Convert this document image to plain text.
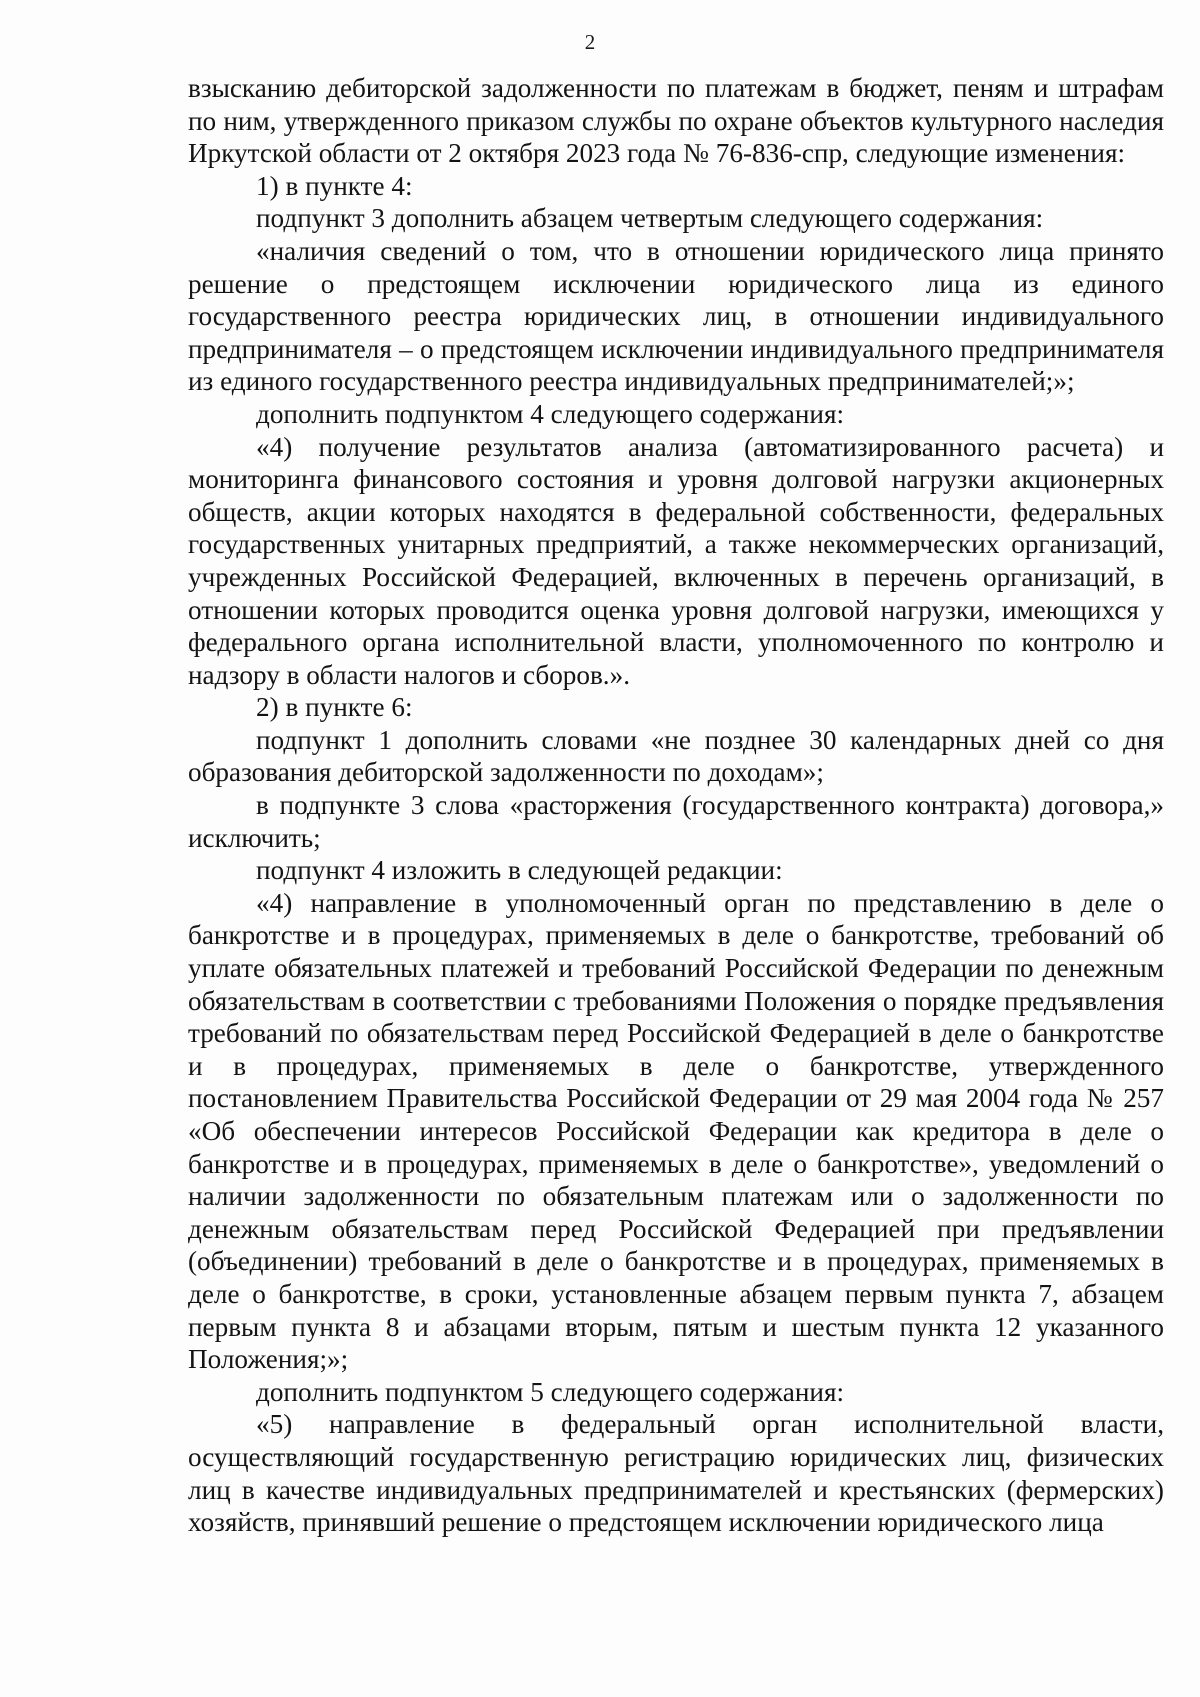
2

взысканию дебиторской задолженности по платежам в бюджет, пеням и штрафам по ним, утвержденного приказом службы по охране объектов культурного наследия Иркутской области от 2 октября 2023 года № 76-836-спр, следующие изменения:

1) в пункте 4:

подпункт 3 дополнить абзацем четвертым следующего содержания:

«наличия сведений о том, что в отношении юридического лица принято решение о предстоящем исключении юридического лица из единого государственного реестра юридических лиц, в отношении индивидуального предпринимателя – о предстоящем исключении индивидуального предпринимателя из единого государственного реестра индивидуальных предпринимателей;»;

дополнить подпунктом 4 следующего содержания:

«4) получение результатов анализа (автоматизированного расчета) и мониторинга финансового состояния и уровня долговой нагрузки акционерных обществ, акции которых находятся в федеральной собственности, федеральных государственных унитарных предприятий, а также некоммерческих организаций, учрежденных Российской Федерацией, включенных в перечень организаций, в отношении которых проводится оценка уровня долговой нагрузки, имеющихся у федерального органа исполнительной власти, уполномоченного по контролю и надзору в области налогов и сборов.».

2) в пункте 6:

подпункт 1 дополнить словами «не позднее 30 календарных дней со дня образования дебиторской задолженности по доходам»;

в подпункте 3 слова «расторжения (государственного контракта) договора,» исключить;

подпункт 4 изложить в следующей редакции:

«4) направление в уполномоченный орган по представлению в деле о банкротстве и в процедурах, применяемых в деле о банкротстве, требований об уплате обязательных платежей и требований Российской Федерации по денежным обязательствам в соответствии с требованиями Положения о порядке предъявления требований по обязательствам перед Российской Федерацией в деле о банкротстве и в процедурах, применяемых в деле о банкротстве, утвержденного постановлением Правительства Российской Федерации от 29 мая 2004 года № 257 «Об обеспечении интересов Российской Федерации как кредитора в деле о банкротстве и в процедурах, применяемых в деле о банкротстве», уведомлений о наличии задолженности по обязательным платежам или о задолженности по денежным обязательствам перед Российской Федерацией при предъявлении (объединении) требований в деле о банкротстве и в процедурах, применяемых в деле о банкротстве, в сроки, установленные абзацем первым пункта 7, абзацем первым пункта 8 и абзацами вторым, пятым и шестым пункта 12 указанного Положения;»;

дополнить подпунктом 5 следующего содержания:

«5) направление в федеральный орган исполнительной власти, осуществляющий государственную регистрацию юридических лиц, физических лиц в качестве индивидуальных предпринимателей и крестьянских (фермерских) хозяйств, принявший решение о предстоящем исключении юридического лица
